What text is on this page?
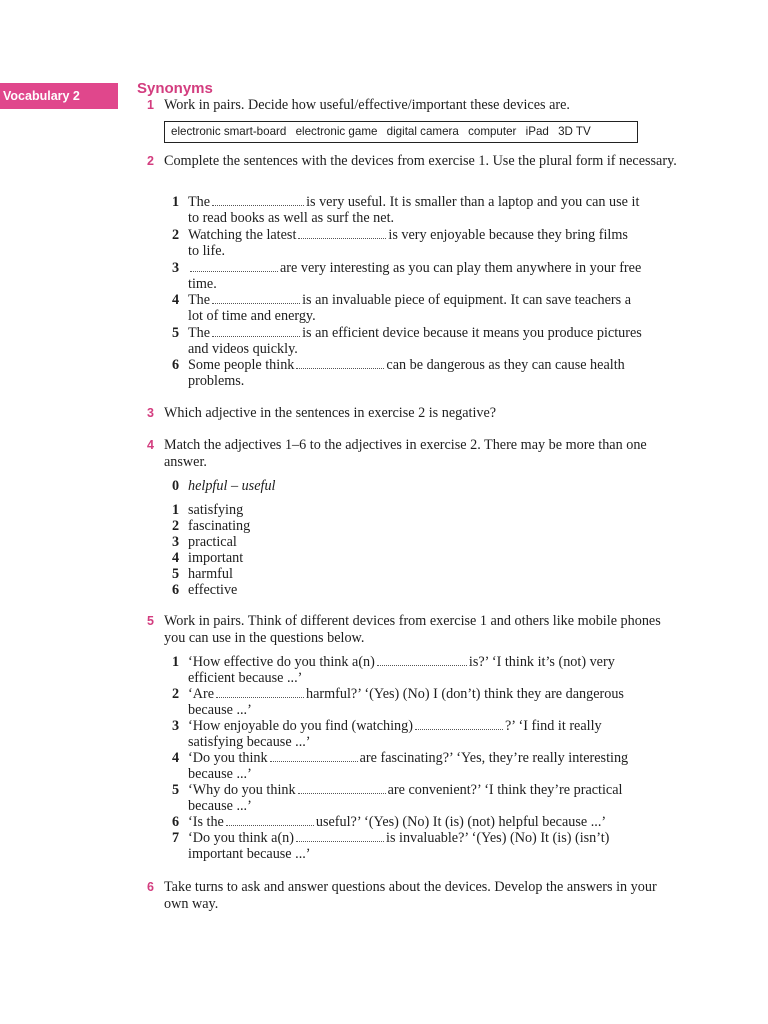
Vocabulary 2	Synonyms
1 Work in pairs. Decide how useful/effective/important these devices are.
electronic smart-board electronic game digital camera computer iPad 3D TV
2 Complete the sentences with the devices from exercise 1. Use the plural form if necessary.
1 The	is very useful. It is smaller than a laptop and you can use it
to read books as well as surf the net.
2 Watching the latest	is very enjoyable because they bring films
to life.
3	are very interesting as you can play them anywhere in your free
time.
4 The	is an invaluable piece of equipment. It can save teachers a
lot of time and energy.
5 The	is an efficient device because it means you produce pictures
and videos quickly.
6 Some people think	can be dangerous as they can cause health
problems.
3 Which adjective in the sentences in exercise 2 is negative?
4 Match the adjectives 1–6 to the adjectives in exercise 2. There may be more than one answer.
0 helpful – useful
1 satisfying
2 fascinating
3 practical
4 important
5 harmful
6 effective
5 Work in pairs. Think of different devices from exercise 1 and others like mobile phones you can use in the questions below.
1 ‘How effective do you think a(n)	is?’ ‘I think it’s (not) very
efficient because ...’
2 ‘Are	harmful?’ ‘(Yes) (No) I (don’t) think they are dangerous
because ...’
3 ‘How enjoyable do you find (watching)	?’ ‘I find it really
satisfying because ...’
4 ‘Do you think	are fascinating?’ ‘Yes, they’re really interesting
because ...’
5 ‘Why do you think	are convenient?’ ‘I think they’re practical
because ...’
6 ‘Is the	useful?’ ‘(Yes) (No) It (is) (not) helpful because ...’
7 ‘Do you think a(n)	is invaluable?’ ‘(Yes) (No) It (is) (isn’t)
important because ...’
6 Take turns to ask and answer questions about the devices. Develop the answers in your own way.
